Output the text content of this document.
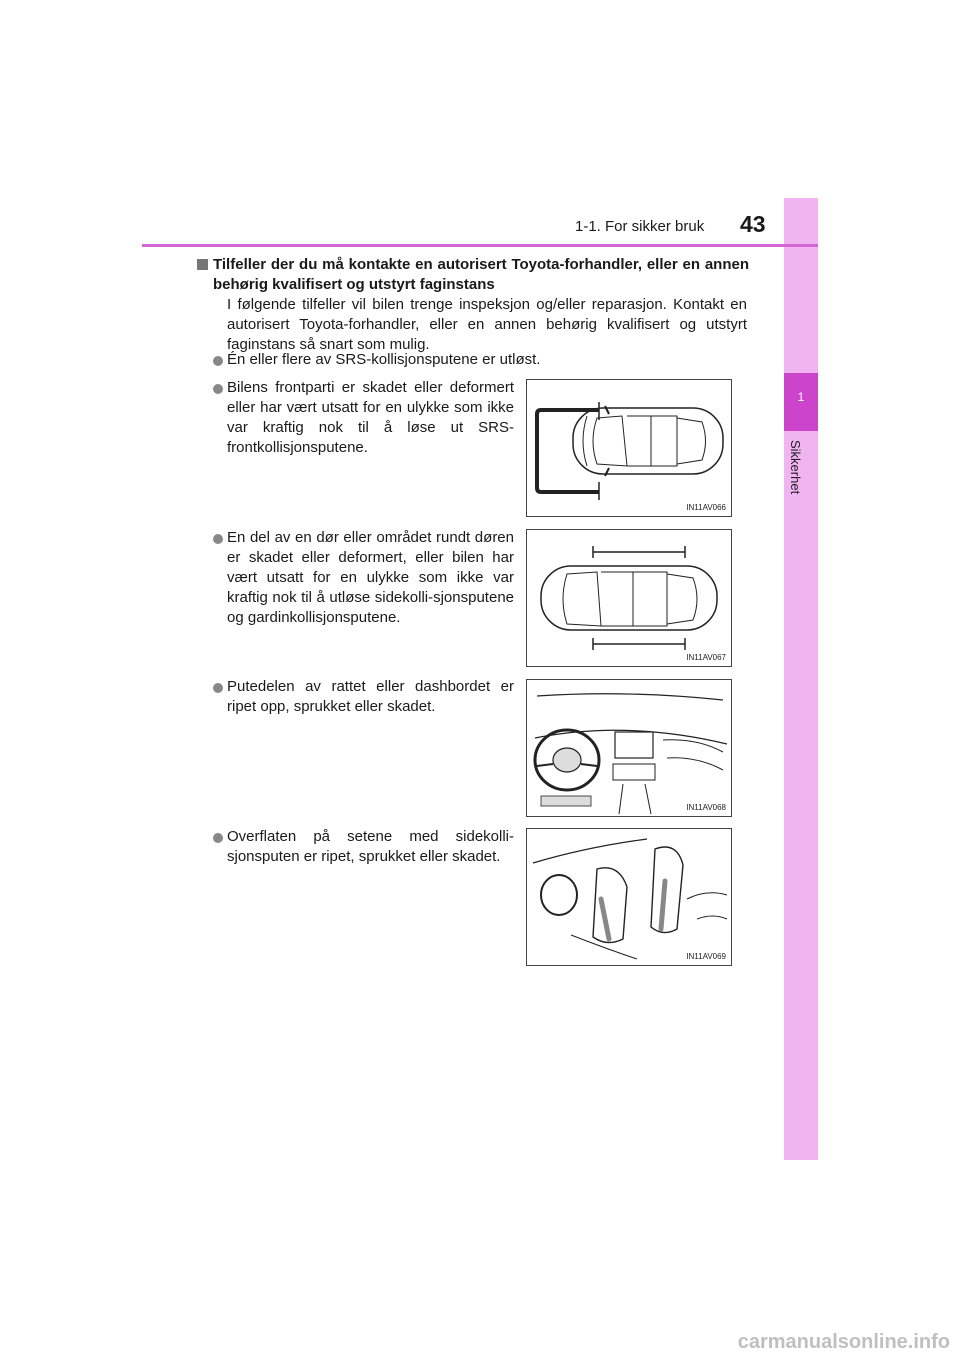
1
Sikkerhet
1-1. For sikker bruk 43
Tilfeller der du må kontakte en autorisert Toyota-forhandler, eller en annen behørig kvalifisert og utstyrt faginstans
I følgende tilfeller vil bilen trenge inspeksjon og/eller reparasjon. Kontakt en autorisert Toyota-forhandler, eller en annen behørig kvalifisert og utstyrt faginstans så snart som mulig.
Én eller flere av SRS-kollisjonsputene er utløst.
Bilens frontparti er skadet eller deformert eller har vært utsatt for en ulykke som ikke var kraftig nok til å løse ut SRS-frontkollisjonsputene.
IN11AV066
En del av en dør eller området rundt døren er skadet eller deformert, eller bilen har vært utsatt for en ulykke som ikke var kraftig nok til å utløse sidekolli-sjonsputene og gardinkollisjonsputene.
IN11AV067
Putedelen av rattet eller dashbordet er ripet opp, sprukket eller skadet.
IN11AV068
Overflaten på setene med sidekolli-sjonsputen er ripet, sprukket eller skadet.
IN11AV069
carmanualsonline.info
